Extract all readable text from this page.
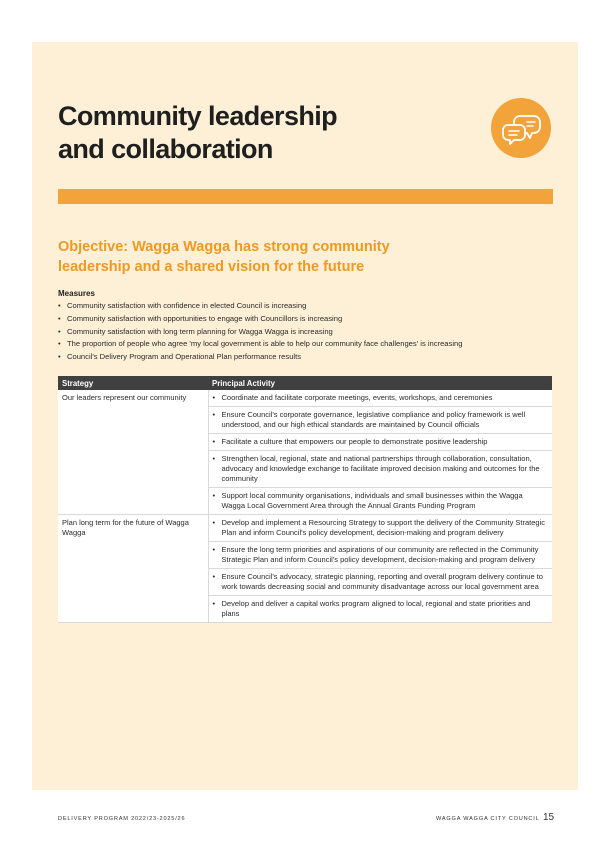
Community leadership
and collaboration
Objective: Wagga Wagga has strong community
leadership and a shared vision for the future
Measures
• Community satisfaction with confidence in elected Council is increasing
• Community satisfaction with opportunities to engage with Councillors is increasing
• Community satisfaction with long term planning for Wagga Wagga is increasing
• The proportion of people who agree 'my local government is able to help our community face challenges' is increasing
• Council's Delivery Program and Operational Plan performance results
Strategy	Principal Activity
Our leaders represent our community	• Coordinate and facilitate corporate meetings, events, workshops, and ceremonies

	• Ensure Council's corporate governance, legislative compliance and policy framework is well understood, and our high ethical standards are maintained by Council officials

	• Facilitate a culture that empowers our people to demonstrate positive leadership

	• Strengthen local, regional, state and national partnerships through collaboration, consultation, advocacy and knowledge exchange to facilitate improved decision making and outcomes for the community

	• Support local community organisations, individuals and small businesses within the Wagga Wagga Local Government Area through the Annual Grants Funding Program

Plan long term for the future of Wagga Wagga	• Develop and implement a Resourcing Strategy to support the delivery of the Community Strategic Plan and inform Council's policy development, decision-making and program delivery

	• Ensure the long term priorities and aspirations of our community are reflected in the Community Strategic Plan and inform Council's policy development, decision-making and program delivery

	• Ensure Council's advocacy, strategic planning, reporting and overall program delivery continue to work towards decreasing social and community disadvantage across our local government area

	• Develop and deliver a capital works program aligned to local, regional and state priorities and plans
DELIVERY PROGRAM 2022/23-2025/26	WAGGA WAGGA CITY COUNCIL 15
